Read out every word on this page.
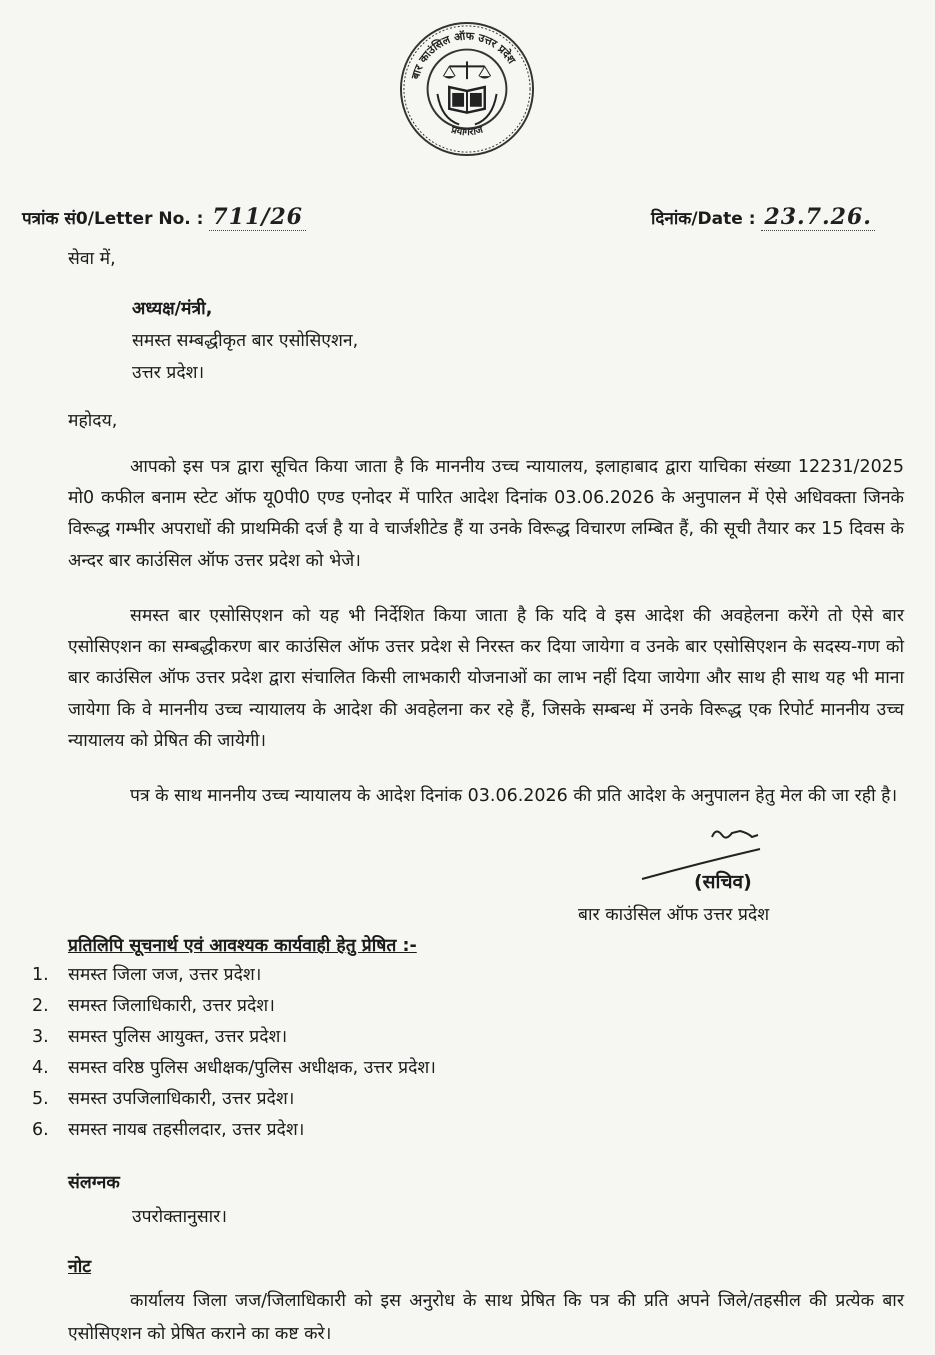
बार काउंसिल ऑफ उत्तर प्रदेश
प्रयागराज
पत्रांक सं0/Letter No. : 711/26	दिनांक/Date : 23.7.26.
सेवा में,
अध्यक्ष/मंत्री,
समस्त सम्बद्धीकृत बार एसोसिएशन,
उत्तर प्रदेश।
महोदय,
आपको इस पत्र द्वारा सूचित किया जाता है कि माननीय उच्च न्यायालय, इलाहाबाद द्वारा याचिका संख्या 12231/2025 मो0 कफील बनाम स्टेट ऑफ यू0पी0 एण्ड एनोदर में पारित आदेश दिनांक 03.06.2026 के अनुपालन में ऐसे अधिवक्ता जिनके विरूद्ध गम्भीर अपराधों की प्राथमिकी दर्ज है या वे चार्जशीटेड हैं या उनके विरूद्ध विचारण लम्बित हैं, की सूची तैयार कर 15 दिवस के अन्दर बार काउंसिल ऑफ उत्तर प्रदेश को भेजे।
समस्त बार एसोसिएशन को यह भी निर्देशित किया जाता है कि यदि वे इस आदेश की अवहेलना करेंगे तो ऐसे बार एसोसिएशन का सम्बद्धीकरण बार काउंसिल ऑफ उत्तर प्रदेश से निरस्त कर दिया जायेगा व उनके बार एसोसिएशन के सदस्य-गण को बार काउंसिल ऑफ उत्तर प्रदेश द्वारा संचालित किसी लाभकारी योजनाओं का लाभ नहीं दिया जायेगा और साथ ही साथ यह भी माना जायेगा कि वे माननीय उच्च न्यायालय के आदेश की अवहेलना कर रहे हैं, जिसके सम्बन्ध में उनके विरूद्ध एक रिपोर्ट माननीय उच्च न्यायालय को प्रेषित की जायेगी।
पत्र के साथ माननीय उच्च न्यायालय के आदेश दिनांक 03.06.2026 की प्रति आदेश के अनुपालन हेतु मेल की जा रही है।
(सचिव)
बार काउंसिल ऑफ उत्तर प्रदेश
प्रतिलिपि सूचनार्थ एवं आवश्यक कार्यवाही हेतु प्रेषित :-
1. समस्त जिला जज, उत्तर प्रदेश।
2. समस्त जिलाधिकारी, उत्तर प्रदेश।
3. समस्त पुलिस आयुक्त, उत्तर प्रदेश।
4. समस्त वरिष्ठ पुलिस अधीक्षक/पुलिस अधीक्षक, उत्तर प्रदेश।
5. समस्त उपजिलाधिकारी, उत्तर प्रदेश।
6. समस्त नायब तहसीलदार, उत्तर प्रदेश।
संलग्नक
उपरोक्तानुसार।
नोट
कार्यालय जिला जज/जिलाधिकारी को इस अनुरोध के साथ प्रेषित कि पत्र की प्रति अपने जिले/तहसील की प्रत्येक बार एसोसिएशन को प्रेषित कराने का कष्ट करे।
